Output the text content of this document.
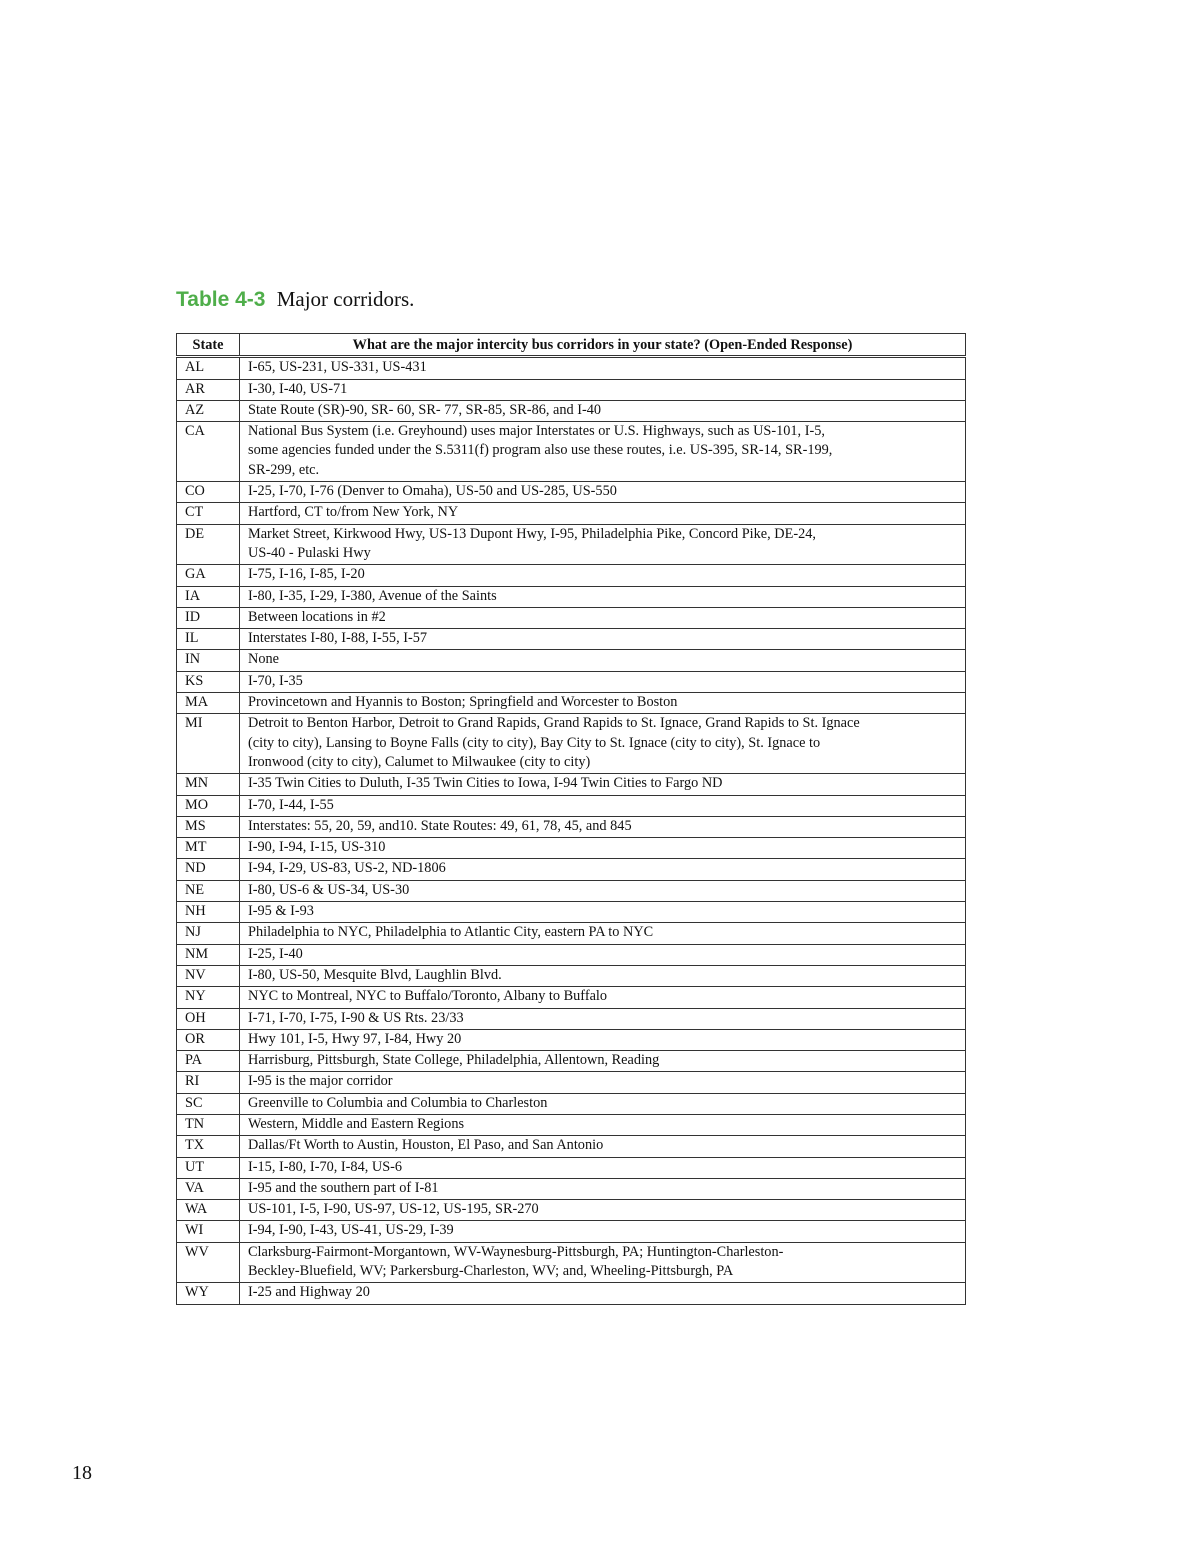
Table 4-3 Major corridors.
State	What are the major intercity bus corridors in your state? (Open-Ended Response)
AL	I-65, US-231, US-331, US-431
AR	I-30, I-40, US-71
AZ	State Route (SR)-90, SR- 60, SR- 77, SR-85, SR-86, and I-40
CA	National Bus System (i.e. Greyhound) uses major Interstates or U.S. Highways, such as US-101, I-5,
some agencies funded under the S.5311(f) program also use these routes, i.e. US-395, SR-14, SR-199,
SR-299, etc.
CO	I-25, I-70, I-76 (Denver to Omaha), US-50 and US-285, US-550
CT	Hartford, CT to/from New York, NY
DE	Market Street, Kirkwood Hwy, US-13 Dupont Hwy, I-95, Philadelphia Pike, Concord Pike, DE-24,
US-40 - Pulaski Hwy
GA	I-75, I-16, I-85, I-20
IA	I-80, I-35, I-29, I-380, Avenue of the Saints
ID	Between locations in #2
IL	Interstates I-80, I-88, I-55, I-57
IN	None
KS	I-70, I-35
MA	Provincetown and Hyannis to Boston; Springfield and Worcester to Boston
MI	Detroit to Benton Harbor, Detroit to Grand Rapids, Grand Rapids to St. Ignace, Grand Rapids to St. Ignace
(city to city), Lansing to Boyne Falls (city to city), Bay City to St. Ignace (city to city), St. Ignace to
Ironwood (city to city), Calumet to Milwaukee (city to city)
MN	I-35 Twin Cities to Duluth, I-35 Twin Cities to Iowa, I-94 Twin Cities to Fargo ND
MO	I-70, I-44, I-55
MS	Interstates: 55, 20, 59, and10. State Routes: 49, 61, 78, 45, and 845
MT	I-90, I-94, I-15, US-310
ND	I-94, I-29, US-83, US-2, ND-1806
NE	I-80, US-6 & US-34, US-30
NH	I-95 & I-93
NJ	Philadelphia to NYC, Philadelphia to Atlantic City, eastern PA to NYC
NM	I-25, I-40
NV	I-80, US-50, Mesquite Blvd, Laughlin Blvd.
NY	NYC to Montreal, NYC to Buffalo/Toronto, Albany to Buffalo
OH	I-71, I-70, I-75, I-90 & US Rts. 23/33
OR	Hwy 101, I-5, Hwy 97, I-84, Hwy 20
PA	Harrisburg, Pittsburgh, State College, Philadelphia, Allentown, Reading
RI	I-95 is the major corridor
SC	Greenville to Columbia and Columbia to Charleston
TN	Western, Middle and Eastern Regions
TX	Dallas/Ft Worth to Austin, Houston, El Paso, and San Antonio
UT	I-15, I-80, I-70, I-84, US-6
VA	I-95 and the southern part of I-81
WA	US-101, I-5, I-90, US-97, US-12, US-195, SR-270
WI	I-94, I-90, I-43, US-41, US-29, I-39
WV	Clarksburg-Fairmont-Morgantown, WV-Waynesburg-Pittsburgh, PA; Huntington-Charleston-
Beckley-Bluefield, WV; Parkersburg-Charleston, WV; and, Wheeling-Pittsburgh, PA
WY	I-25 and Highway 20
18
